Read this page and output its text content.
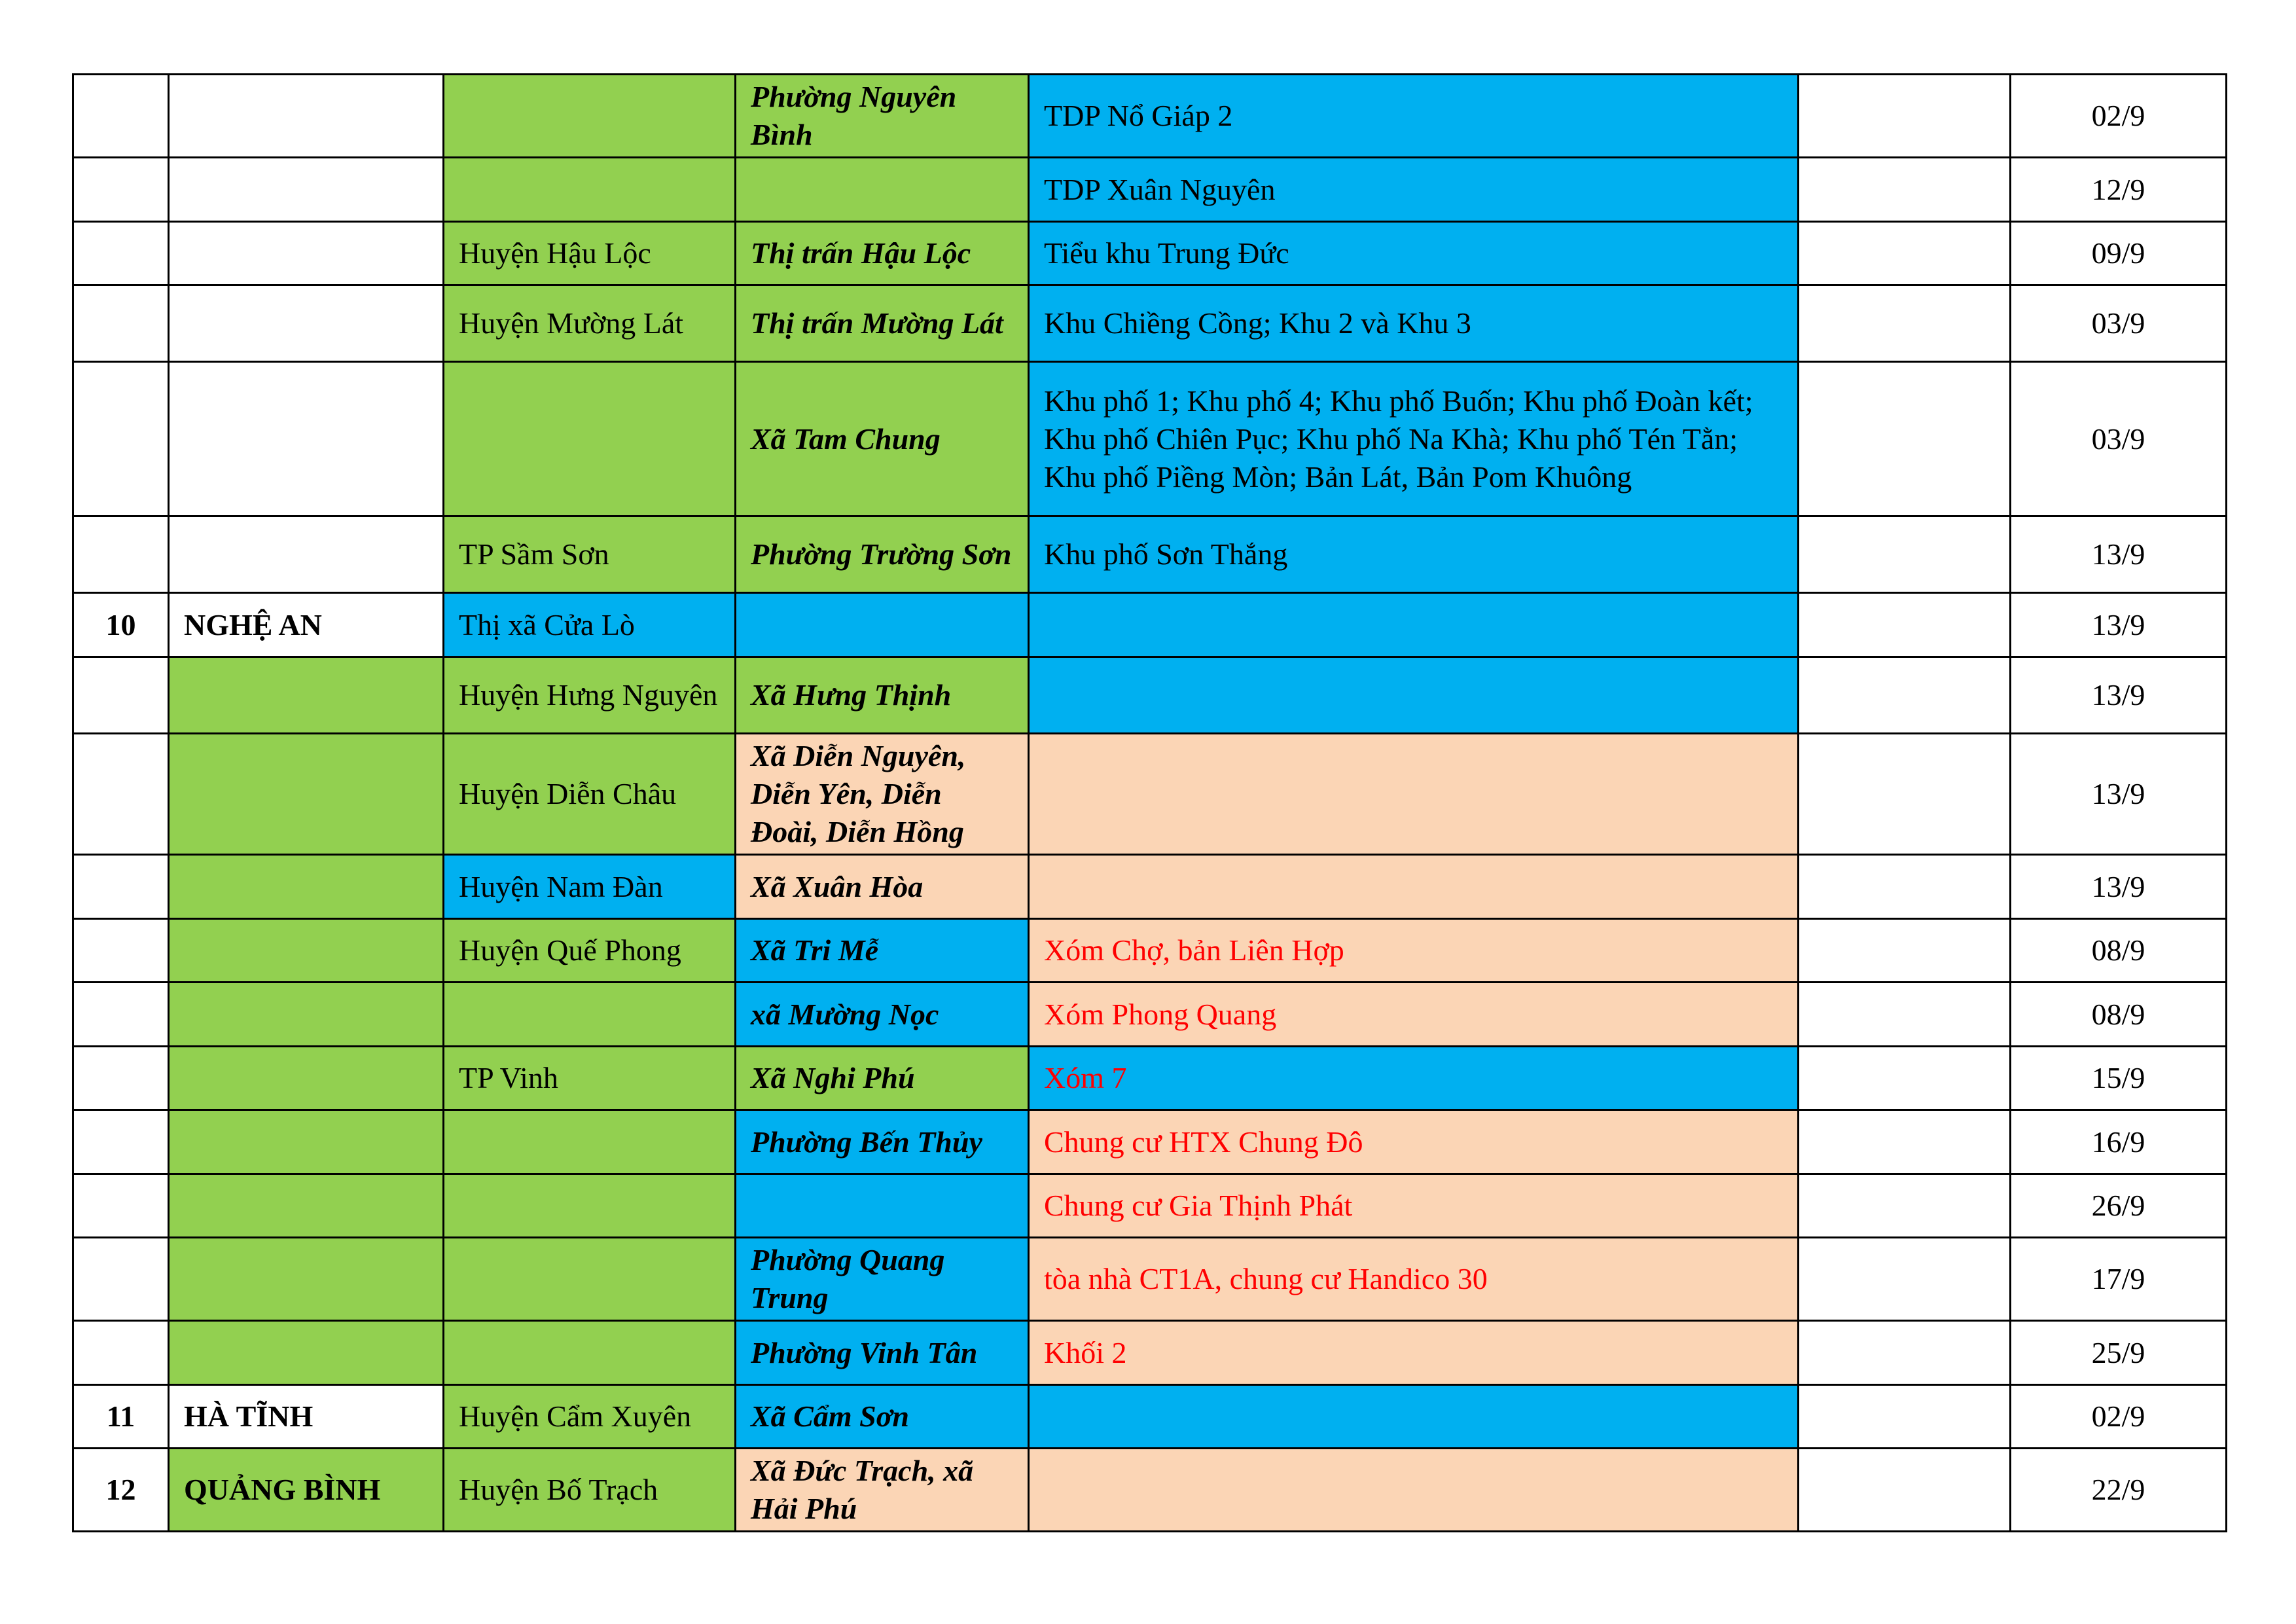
			Phường Nguyên Bình	TDP Nổ Giáp 2		02/9
				TDP Xuân Nguyên		12/9
		Huyện Hậu Lộc	Thị trấn Hậu Lộc	Tiểu khu Trung Đức		09/9
		Huyện Mường Lát	Thị trấn Mường Lát	Khu Chiềng Cồng; Khu 2 và Khu 3		03/9
			Xã Tam Chung	Khu phố 1; Khu phố 4; Khu phố Buốn; Khu phố Đoàn kết; Khu phố Chiên Pục; Khu phố Na Khà; Khu phố Tén Tằn; Khu phố Piềng Mòn; Bản Lát, Bản Pom Khuông		03/9
		TP Sầm Sơn	Phường Trường Sơn	Khu phố Sơn Thắng		13/9
10	NGHỆ AN	Thị xã Cửa Lò				13/9
		Huyện Hưng Nguyên	Xã Hưng Thịnh			13/9
		Huyện Diễn Châu	Xã Diễn Nguyên, Diễn Yên, Diễn Đoài, Diễn Hồng			13/9
		Huyện Nam Đàn	Xã Xuân Hòa			13/9
		Huyện Quế Phong	Xã Tri Mễ	Xóm Chợ, bản Liên Hợp		08/9
			xã Mường Nọc	Xóm Phong Quang		08/9
		TP Vinh	Xã Nghi Phú	Xóm 7		15/9
			Phường Bến Thủy	Chung cư HTX Chung Đô		16/9
				Chung cư Gia Thịnh Phát		26/9
			Phường Quang Trung	tòa nhà CT1A, chung cư Handico 30		17/9
			Phường Vinh Tân	Khối 2		25/9
11	HÀ TĨNH	Huyện Cẩm Xuyên	Xã Cẩm Sơn			02/9
12	QUẢNG BÌNH	Huyện Bố Trạch	Xã Đức Trạch, xã Hải Phú			22/9
